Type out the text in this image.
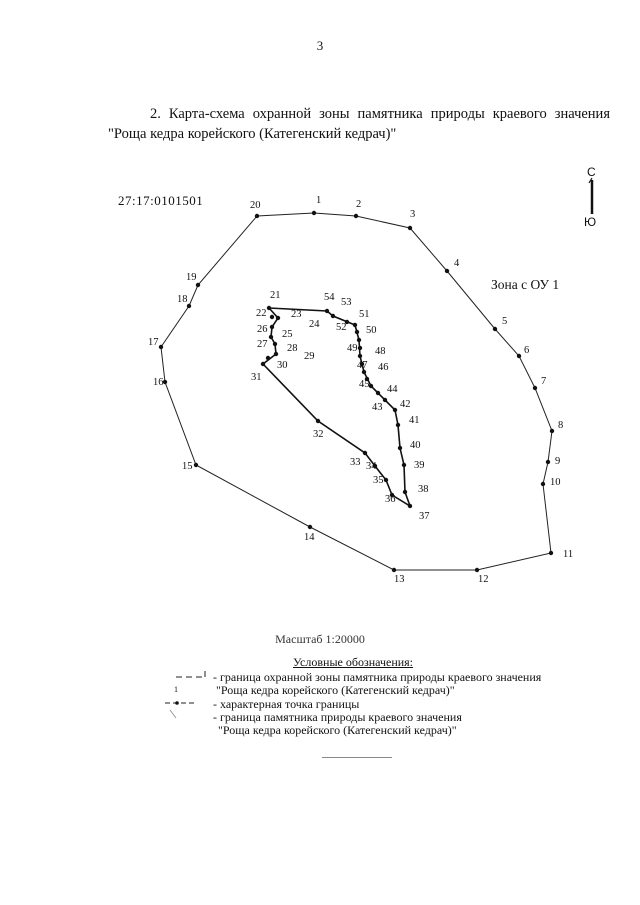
3
2. Карта-схема охранной зоны памятника природы краевого значения
"Роща кедра корейского (Категенский кедрач)"
27:17:0101501
Зона с ОУ 1
С
Ю
1	2
3
4
5
6
7
8
9
10
11
12
13
14
15
16
17
18
19
20
21
22 23
24
25
26
27 28
29
30
31
32
33 34
35
36
37
38
39
40
41
42
43
44
45
46
47
48
49
50
51
52
53
54
1
Масштаб 1:20000
Условные обозначения:
- граница охранной зоны памятника природы краевого значения
"Роща кедра корейского (Категенский кедрач)"
- характерная точка границы
- граница памятника природы краевого значения
"Роща кедра корейского (Категенский кедрач)"
